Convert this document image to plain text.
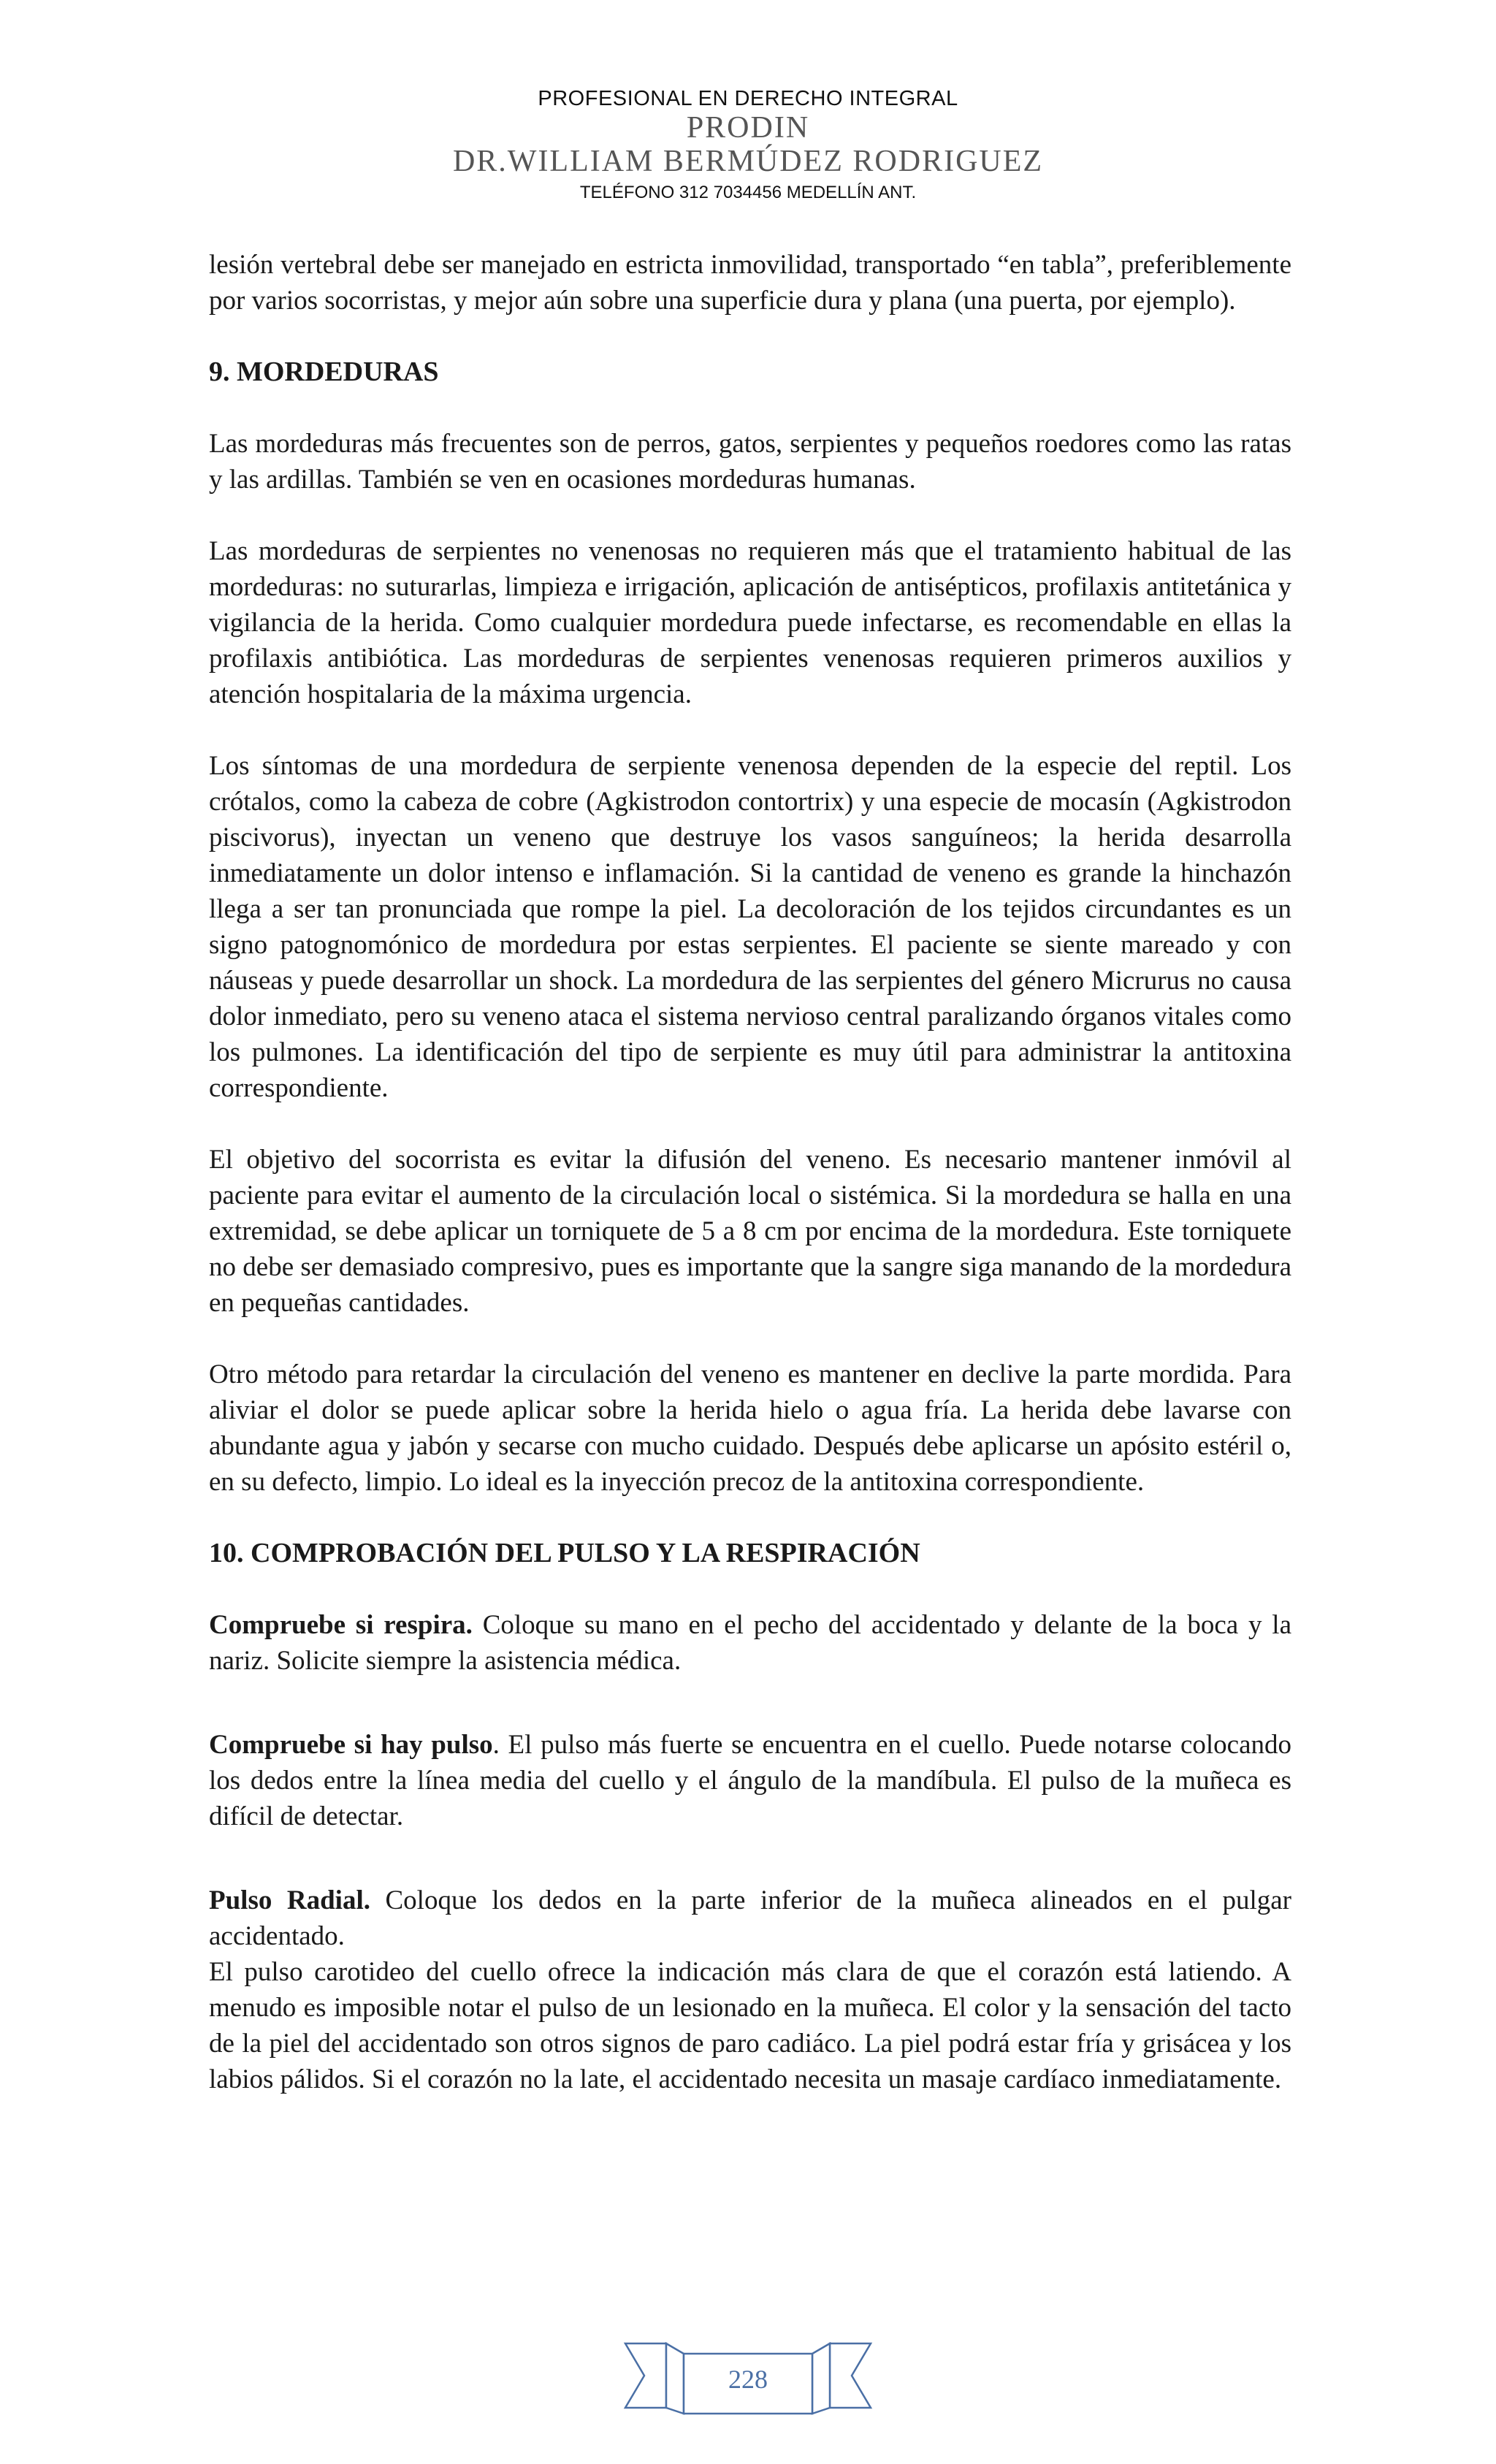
PROFESIONAL EN DERECHO INTEGRAL
PRODIN
DR.WILLIAM BERMÚDEZ RODRIGUEZ
TELÉFONO 312 7034456 MEDELLÍN ANT.

lesión vertebral debe ser manejado en estricta inmovilidad, transportado “en tabla”, preferiblemente por varios socorristas, y mejor aún sobre una superficie dura y plana (una puerta, por ejemplo).

9. MORDEDURAS

Las mordeduras más frecuentes son de perros, gatos, serpientes y pequeños roedores como las ratas y las ardillas. También se ven en ocasiones mordeduras humanas.

Las mordeduras de serpientes no venenosas no requieren más que el tratamiento habitual de las mordeduras: no suturarlas, limpieza e irrigación, aplicación de antisépticos, profilaxis antitetánica y vigilancia de la herida. Como cualquier mordedura puede infectarse, es recomendable en ellas la profilaxis antibiótica. Las mordeduras de serpientes venenosas requieren primeros auxilios y atención hospitalaria de la máxima urgencia.

Los síntomas de una mordedura de serpiente venenosa dependen de la especie del reptil. Los crótalos, como la cabeza de cobre (Agkistrodon contortrix) y una especie de mocasín (Agkistrodon piscivorus), inyectan un veneno que destruye los vasos sanguíneos; la herida desarrolla inmediatamente un dolor intenso e inflamación. Si la cantidad de veneno es grande la hinchazón llega a ser tan pronunciada que rompe la piel. La decoloración de los tejidos circundantes es un signo patognomónico de mordedura por estas serpientes. El paciente se siente mareado y con náuseas y puede desarrollar un shock. La mordedura de las serpientes del género Micrurus no causa dolor inmediato, pero su veneno ataca el sistema nervioso central paralizando órganos vitales como los pulmones. La identificación del tipo de serpiente es muy útil para administrar la antitoxina correspondiente.

El objetivo del socorrista es evitar la difusión del veneno. Es necesario mantener inmóvil al paciente para evitar el aumento de la circulación local o sistémica. Si la mordedura se halla en una extremidad, se debe aplicar un torniquete de 5 a 8 cm por encima de la mordedura. Este torniquete no debe ser demasiado compresivo, pues es importante que la sangre siga manando de la mordedura en pequeñas cantidades.

Otro método para retardar la circulación del veneno es mantener en declive la parte mordida. Para aliviar el dolor se puede aplicar sobre la herida hielo o agua fría. La herida debe lavarse con abundante agua y jabón y secarse con mucho cuidado. Después debe aplicarse un apósito estéril o, en su defecto, limpio. Lo ideal es la inyección precoz de la antitoxina correspondiente.

10. COMPROBACIÓN DEL PULSO Y LA RESPIRACIÓN

Compruebe si respira. Coloque su mano en el pecho del accidentado y delante de la boca y la nariz. Solicite siempre la asistencia médica.

Compruebe si hay pulso. El pulso más fuerte se encuentra en el cuello. Puede notarse colocando los dedos entre la línea media del cuello y el ángulo de la mandíbula. El pulso de la muñeca es difícil de detectar.

Pulso Radial. Coloque los dedos en la parte inferior de la muñeca alineados en el pulgar accidentado.

El pulso carotideo del cuello ofrece la indicación más clara de que el corazón está latiendo. A menudo es imposible notar el pulso de un lesionado en la muñeca. El color y la sensación del tacto de la piel del accidentado son otros signos de paro cadiáco. La piel podrá estar fría y grisácea y los labios pálidos. Si el corazón no la late, el accidentado necesita un masaje cardíaco inmediatamente.

228
